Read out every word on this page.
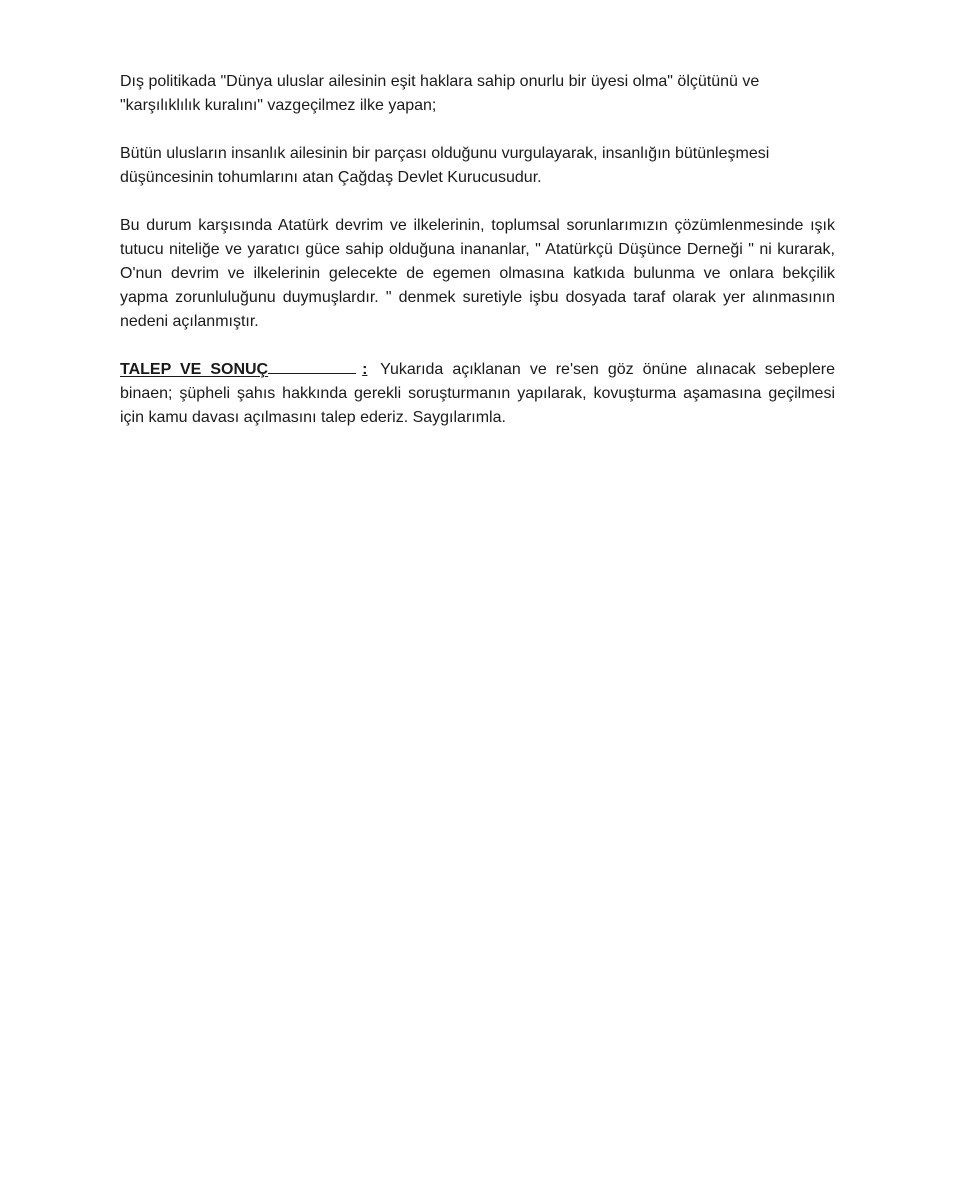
Dış politikada "Dünya uluslar ailesinin eşit haklara sahip onurlu bir üyesi olma" ölçütünü ve "karşılıklılık kuralını" vazgeçilmez ilke yapan;

Bütün ulusların insanlık ailesinin bir parçası olduğunu vurgulayarak, insanlığın bütünleşmesi düşüncesinin tohumlarını atan Çağdaş Devlet Kurucusudur.

Bu durum karşısında Atatürk devrim ve ilkelerinin, toplumsal sorunlarımızın çözümlenmesinde ışık tutucu niteliğe ve yaratıcı güce sahip olduğuna inananlar, " Atatürkçü Düşünce Derneği " ni kurarak, O'nun devrim ve ilkelerinin gelecekte de egemen olmasına katkıda bulunma ve onlara bekçilik yapma zorunluluğunu duymuşlardır. " denmek suretiyle işbu dosyada taraf olarak yer alınmasının nedeni açılanmıştır.

TALEP VE SONUÇ	: Yukarıda açıklanan ve re'sen göz önüne alınacak sebeplere binaen; şüpheli şahıs hakkında gerekli soruşturmanın yapılarak, kovuşturma aşamasına geçilmesi için kamu davası açılmasını talep ederiz. Saygılarımla.
